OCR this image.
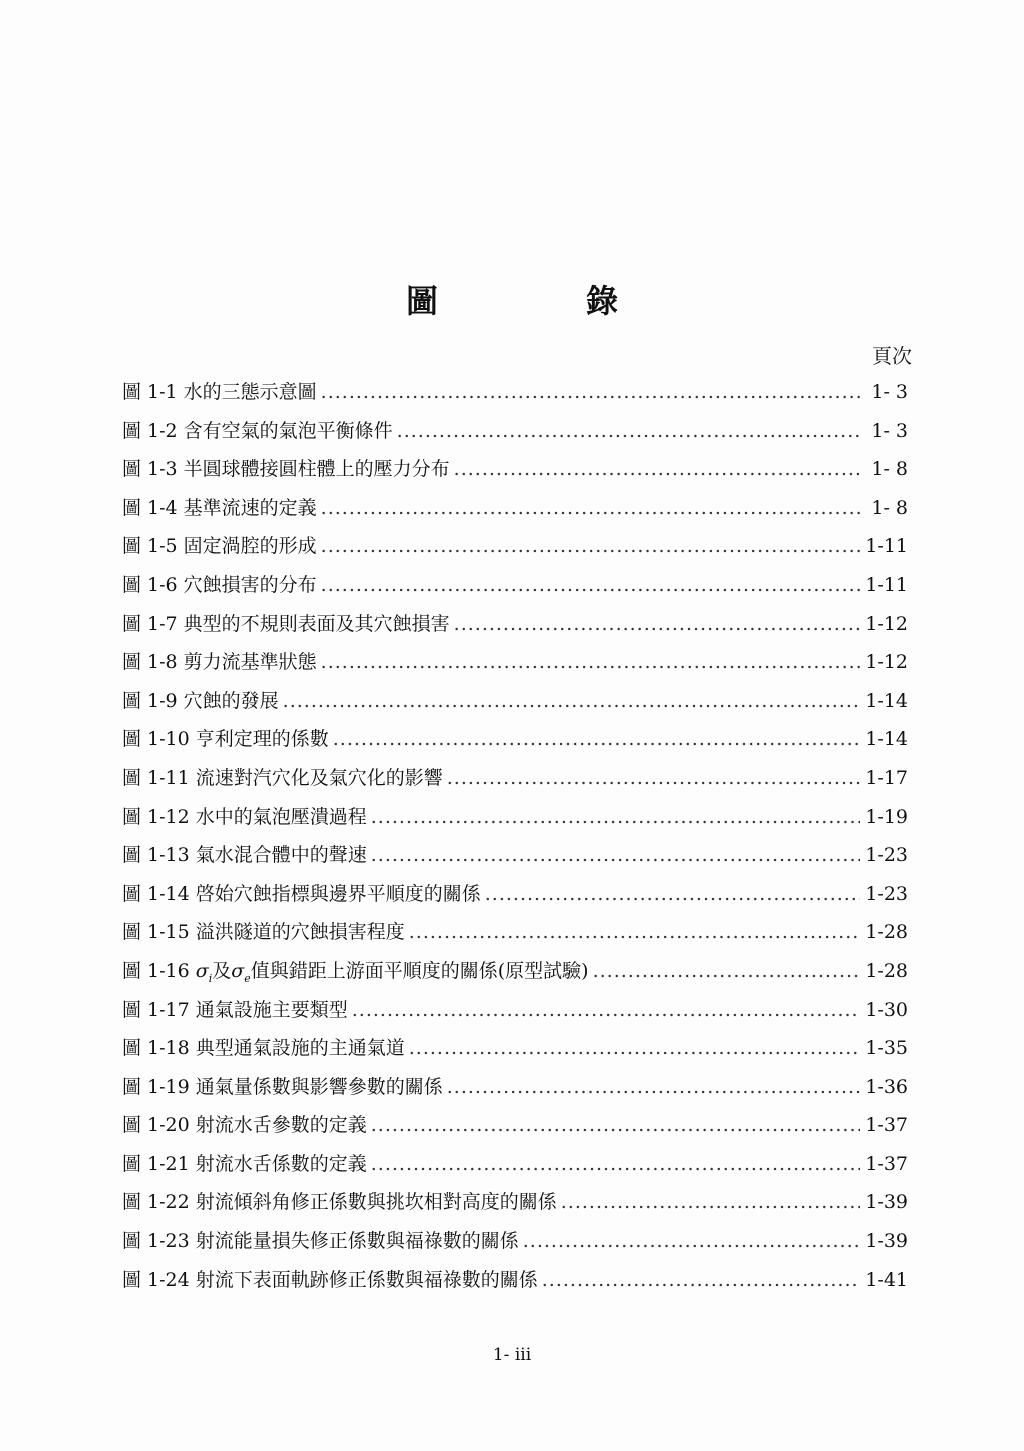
圖　錄
頁次
圖 1-1 水的三態示意圖 .....	1- 3
圖 1-2 含有空氣的氣泡平衡條件 .....	1- 3
圖 1-3 半圓球體接圓柱體上的壓力分布 .....	1- 8
圖 1-4 基準流速的定義 .....	1- 8
圖 1-5 固定渦腔的形成 .....	1-11
圖 1-6 穴蝕損害的分布 .....	1-11
圖 1-7 典型的不規則表面及其穴蝕損害 .....	1-12
圖 1-8 剪力流基準狀態 .....	1-12
圖 1-9 穴蝕的發展 .....	1-14
圖 1-10 亨利定理的係數 .....	1-14
圖 1-11 流速對汽穴化及氣穴化的影響 .....	1-17
圖 1-12 水中的氣泡壓潰過程 .....	1-19
圖 1-13 氣水混合體中的聲速 .....	1-23
圖 1-14 啓始穴蝕指標與邊界平順度的關係 .....	1-23
圖 1-15 溢洪隧道的穴蝕損害程度 .....	1-28
圖 1-16 $\sigma_i$及$\sigma_e$ 值與錯距上游面平順度的關係(原型試驗) .....	1-28
圖 1-17 通氣設施主要類型 .....	1-30
圖 1-18 典型通氣設施的主通氣道 .....	1-35
圖 1-19 通氣量係數與影響參數的關係 .....	1-36
圖 1-20 射流水舌參數的定義 .....	1-37
圖 1-21 射流水舌係數的定義 .....	1-37
圖 1-22 射流傾斜角修正係數與挑坎相對高度的關係 .....	1-39
圖 1-23 射流能量損失修正係數與福祿數的關係 .....	1-39
圖 1-24 射流下表面軌跡修正係數與福祿數的關係 .....	1-41
1- iii
